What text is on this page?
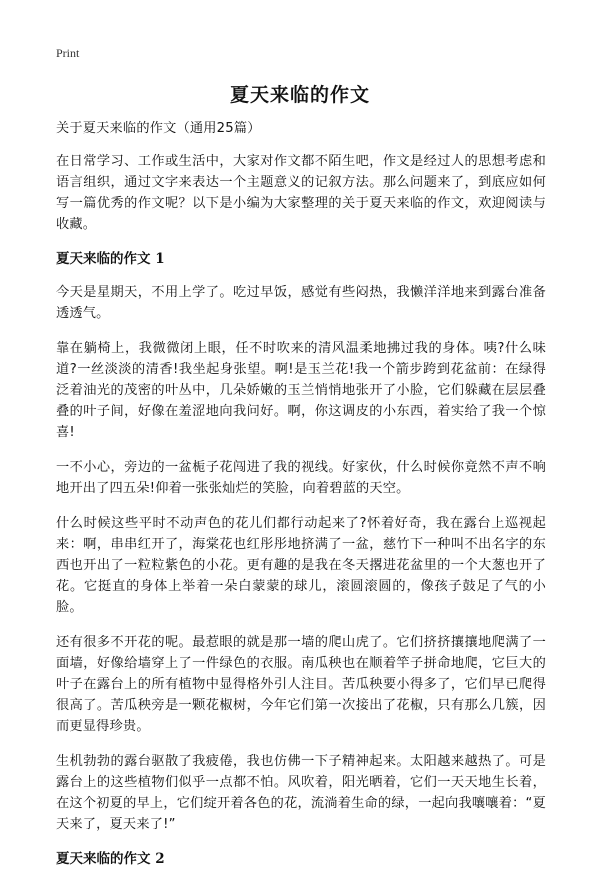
Print
夏天来临的作文

关于夏天来临的作文（通用25篇）

在日常学习、工作或生活中，大家对作文都不陌生吧，作文是经过人的思想考虑和语言组织，通过文字来表达一个主题意义的记叙方法。那么问题来了，到底应如何写一篇优秀的作文呢？以下是小编为大家整理的关于夏天来临的作文，欢迎阅读与收藏。

夏天来临的作文 1

今天是星期天，不用上学了。吃过早饭，感觉有些闷热，我懒洋洋地来到露台准备透透气。

靠在躺椅上，我微微闭上眼，任不时吹来的清风温柔地拂过我的身体。咦?什么味道?一丝淡淡的清香!我坐起身张望。啊!是玉兰花!我一个箭步跨到花盆前：在绿得泛着油光的茂密的叶丛中，几朵娇嫩的玉兰悄悄地张开了小脸，它们躲藏在层层叠叠的叶子间，好像在羞涩地向我问好。啊，你这调皮的小东西，着实给了我一个惊喜!

一不小心，旁边的一盆栀子花闯进了我的视线。好家伙，什么时候你竟然不声不响地开出了四五朵!仰着一张张灿烂的笑脸，向着碧蓝的天空。

什么时候这些平时不动声色的花儿们都行动起来了?怀着好奇，我在露台上巡视起来：啊，串串红开了，海棠花也红彤彤地挤满了一盆，慈竹下一种叫不出名字的东西也开出了一粒粒紫色的小花。更有趣的是我在冬天撂进花盆里的一个大葱也开了花。它挺直的身体上举着一朵白蒙蒙的球儿，滚圆滚圆的，像孩子鼓足了气的小脸。

还有很多不开花的呢。最惹眼的就是那一墙的爬山虎了。它们挤挤攘攘地爬满了一面墙，好像给墙穿上了一件绿色的衣服。南瓜秧也在顺着竿子拼命地爬，它巨大的叶子在露台上的所有植物中显得格外引人注目。苦瓜秧要小得多了，它们早已爬得很高了。苦瓜秧旁是一颗花椒树，今年它们第一次接出了花椒，只有那么几簇，因而更显得珍贵。

生机勃勃的露台驱散了我疲倦，我也仿佛一下子精神起来。太阳越来越热了。可是露台上的这些植物们似乎一点都不怕。风吹着，阳光晒着，它们一天天地生长着，在这个初夏的早上，它们绽开着各色的花，流淌着生命的绿，一起向我嚷嚷着：“夏天来了，夏天来了!”

夏天来临的作文 2
